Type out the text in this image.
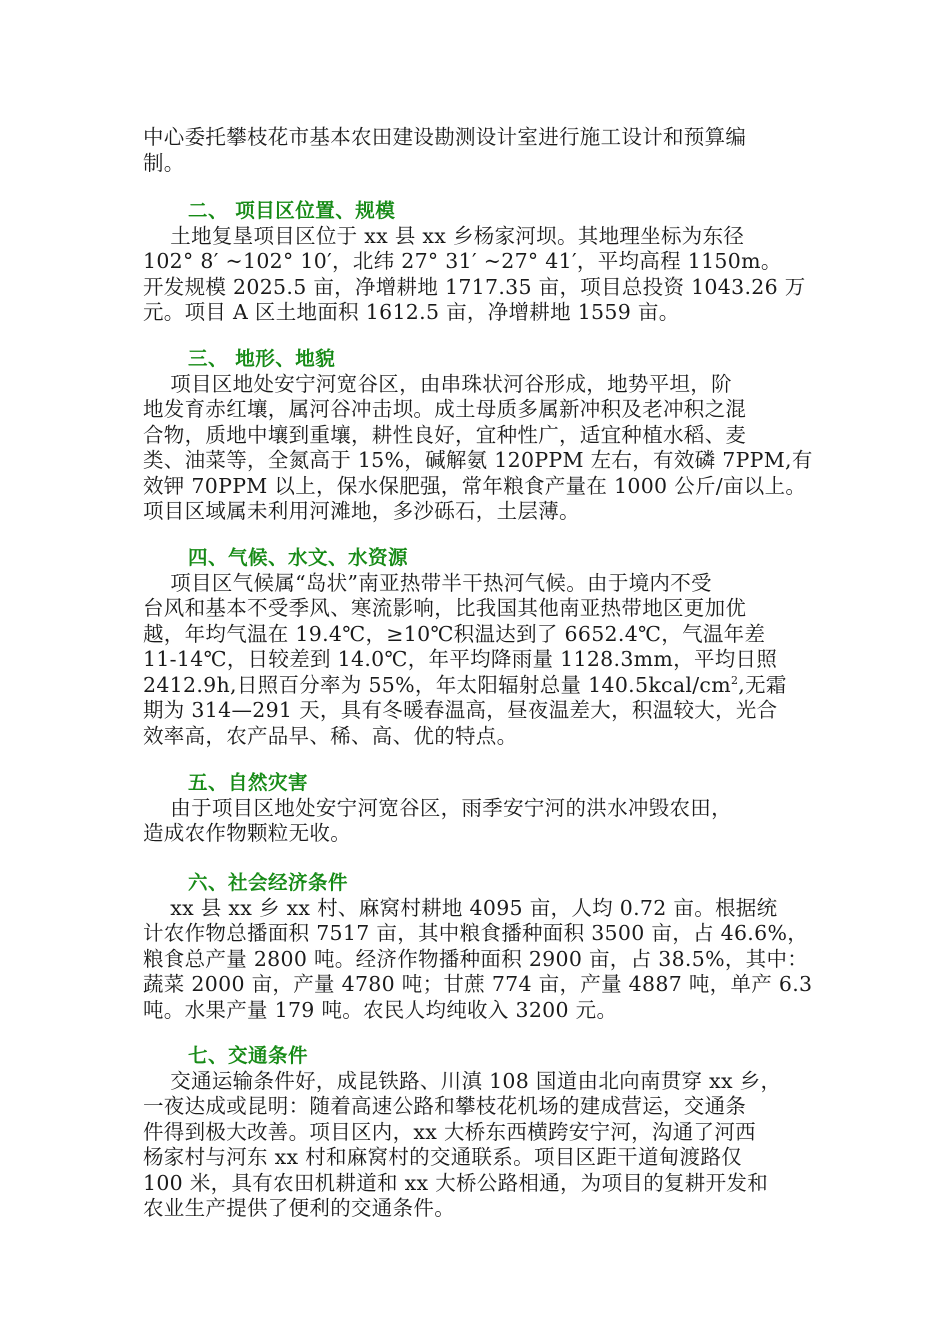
中心委托攀枝花市基本农田建设勘测设计室进行施工设计和预算编
制。
二、 项目区位置、规模
土地复垦项目区位于 xx 县 xx 乡杨家河坝。其地理坐标为东径
102° 8′ ~102° 10′，北纬 27° 31′ ~27° 41′，平均高程 1150m。
开发规模 2025.5 亩，净增耕地 1717.35 亩，项目总投资 1043.26 万
元。项目 A 区土地面积 1612.5 亩，净增耕地 1559 亩。
三、 地形、地貌
项目区地处安宁河宽谷区，由串珠状河谷形成，地势平坦，阶
地发育赤红壤，属河谷冲击坝。成土母质多属新冲积及老冲积之混
合物，质地中壤到重壤，耕性良好，宜种性广，适宜种植水稻、麦
类、油菜等，全氮高于 15%，碱解氨 120PPM 左右，有效磷 7PPM,有
效钾 70PPM 以上，保水保肥强，常年粮食产量在 1000 公斤/亩以上。
项目区域属未利用河滩地，多沙砾石，土层薄。
四、气候、水文、水资源
项目区气候属“岛状”南亚热带半干热河气候。由于境内不受
台风和基本不受季风、寒流影响，比我国其他南亚热带地区更加优
越，年均气温在 19.4℃，≥10℃积温达到了 6652.4℃，气温年差
11-14℃，日较差到 14.0℃，年平均降雨量 1128.3mm，平均日照
2412.9h,日照百分率为 55%，年太阳辐射总量 $140.5kcal/cm^2$,无霜
期为 314—291 天，具有冬暖春温高，昼夜温差大，积温较大，光合
效率高，农产品早、稀、高、优的特点。
五、自然灾害
由于项目区地处安宁河宽谷区，雨季安宁河的洪水冲毁农田，
造成农作物颗粒无收。
六、社会经济条件
xx 县 xx 乡 xx 村、麻窝村耕地 4095 亩，人均 0.72 亩。根据统
计农作物总播面积 7517 亩，其中粮食播种面积 3500 亩，占 46.6%，
粮食总产量 2800 吨。经济作物播种面积 2900 亩，占 38.5%，其中：
蔬菜 2000 亩，产量 4780 吨；甘蔗 774 亩，产量 4887 吨，单产 6.3
吨。水果产量 179 吨。农民人均纯收入 3200 元。
七、交通条件
交通运输条件好，成昆铁路、川滇 108 国道由北向南贯穿 xx 乡，
一夜达成或昆明：随着高速公路和攀枝花机场的建成营运，交通条
件得到极大改善。项目区内，xx 大桥东西横跨安宁河，沟通了河西
杨家村与河东 xx 村和麻窝村的交通联系。项目区距干道甸渡路仅
100 米，具有农田机耕道和 xx 大桥公路相通，为项目的复耕开发和
农业生产提供了便利的交通条件。
